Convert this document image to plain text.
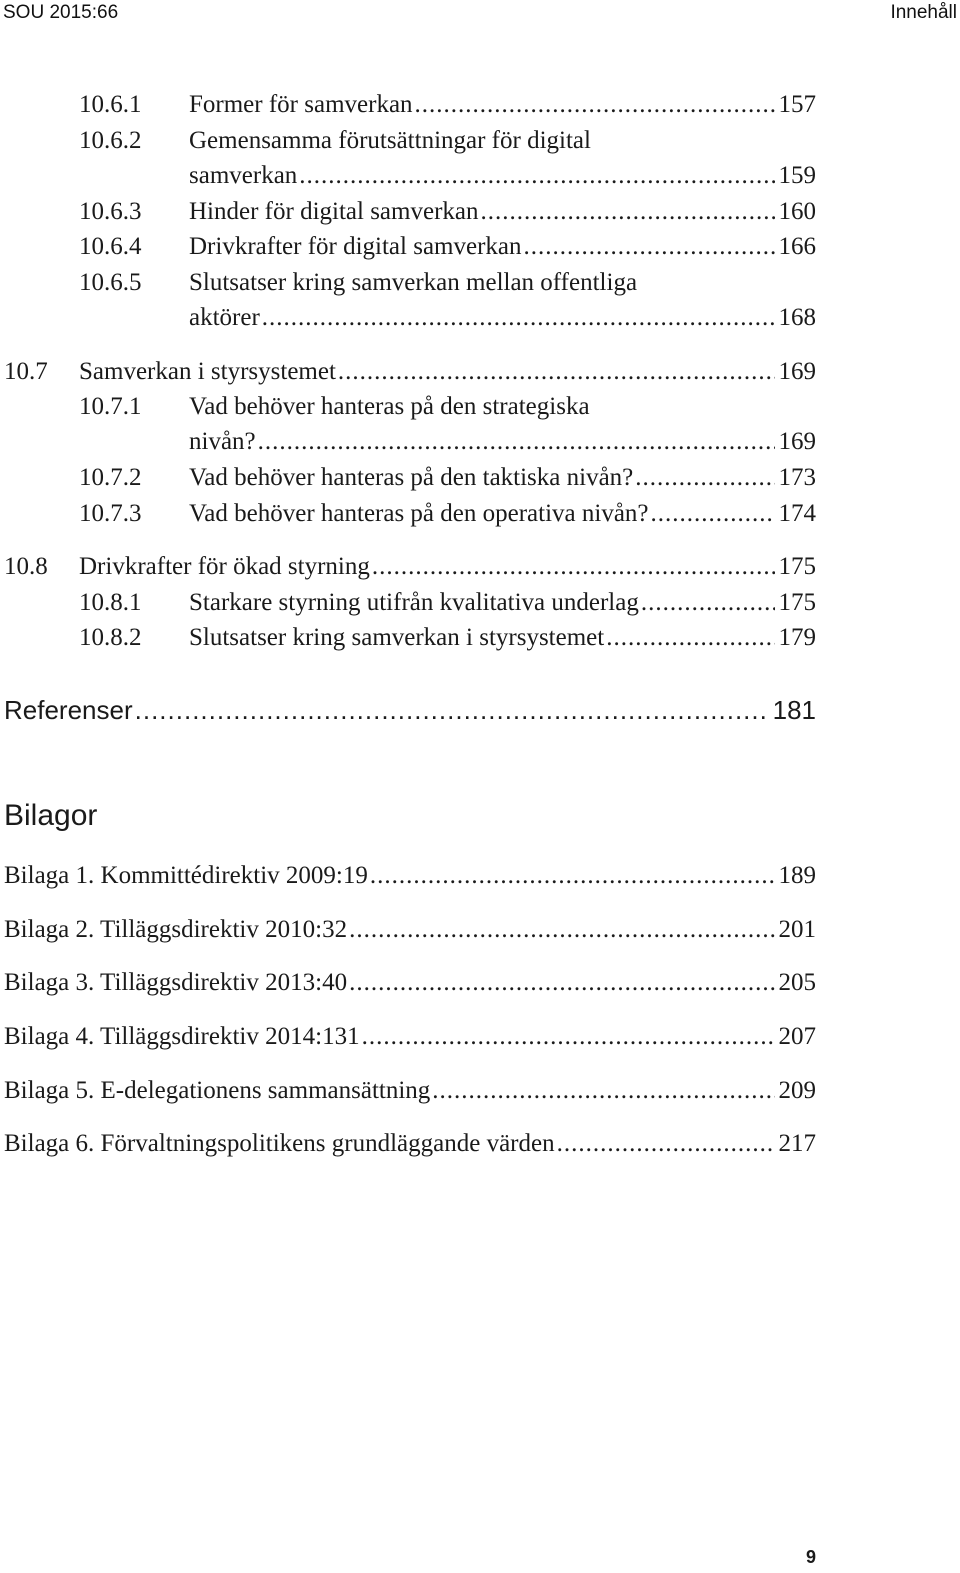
SOU 2015:66	Innehåll
10.6.1	Former för samverkan .....	157
10.6.2	Gemensamma förutsättningar för digital
samverkan .....	159
10.6.3	Hinder för digital samverkan .....	160
10.6.4	Drivkrafter för digital samverkan .....	166
10.6.5	Slutsatser kring samverkan mellan offentliga
aktörer .....	168
10.7	Samverkan i styrsystemet .....	169
10.7.1	Vad behöver hanteras på den strategiska
nivån? .....	169
10.7.2	Vad behöver hanteras på den taktiska nivån? .....	173
10.7.3	Vad behöver hanteras på den operativa nivån? .....	174
10.8	Drivkrafter för ökad styrning .....	175
10.8.1	Starkare styrning utifrån kvalitativa underlag .....	175
10.8.2	Slutsatser kring samverkan i styrsystemet .....	179
Referenser .....	181
Bilagor
Bilaga 1. Kommittédirektiv 2009:19 .....	189
Bilaga 2. Tilläggsdirektiv 2010:32 .....	201
Bilaga 3. Tilläggsdirektiv 2013:40 .....	205
Bilaga 4. Tilläggsdirektiv 2014:131 .....	207
Bilaga 5. E-delegationens sammansättning .....	209
Bilaga 6. Förvaltningspolitikens grundläggande värden .....	217
9
